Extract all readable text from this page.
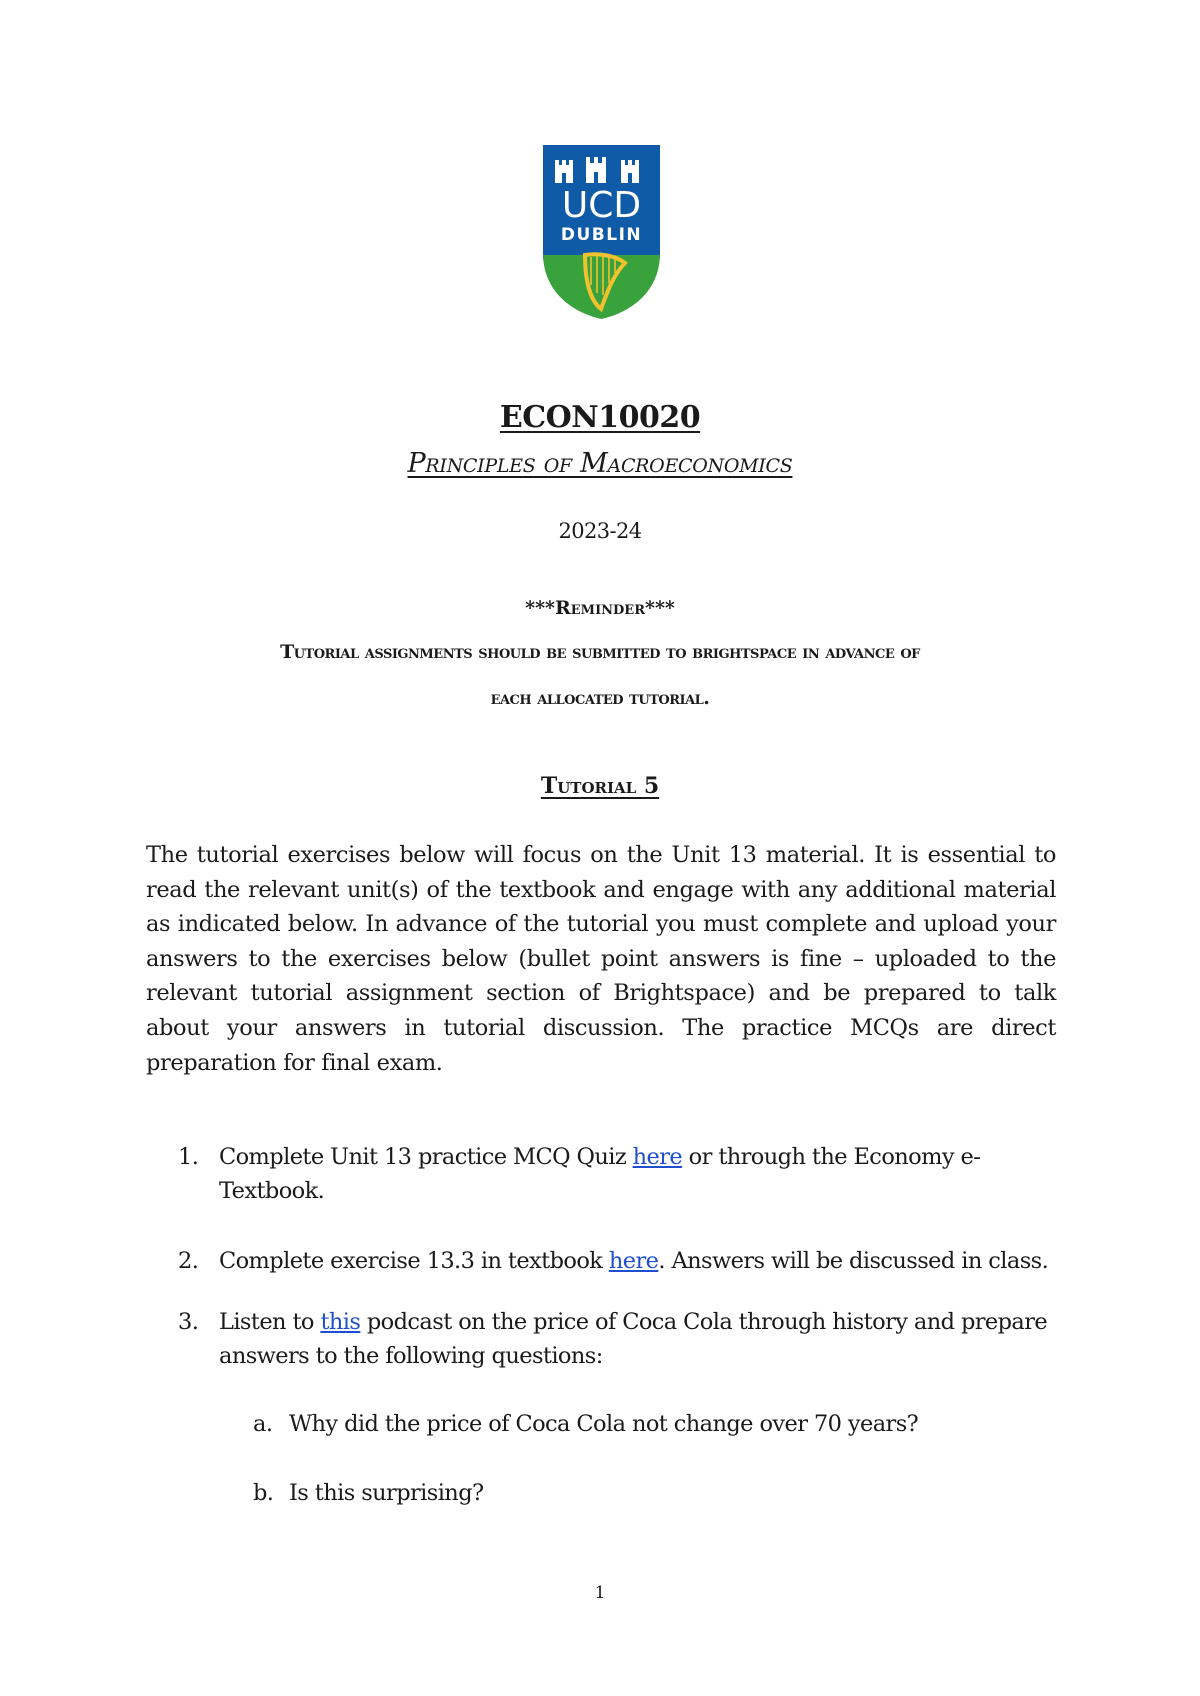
UCD
DUBLIN
ECON10020
Principles of Macroeconomics
2023-24
***Reminder***
Tutorial assignments should be submitted to brightspace in advance of
each allocated tutorial.
Tutorial 5

The tutorial exercises below will focus on the Unit 13 material. It is essential to read the relevant unit(s) of the textbook and engage with any additional material as indicated below. In advance of the tutorial you must complete and upload your answers to the exercises below (bullet point answers is fine – uploaded to the relevant tutorial assignment section of Brightspace) and be prepared to talk about your answers in tutorial discussion. The practice MCQs are direct preparation for final exam.

1. Complete Unit 13 practice MCQ Quiz here or through the Economy e-Textbook.
2. Complete exercise 13.3 in textbook here. Answers will be discussed in class.
3. Listen to this podcast on the price of Coca Cola through history and prepare answers to the following questions:
a. Why did the price of Coca Cola not change over 70 years?
b. Is this surprising?
1
